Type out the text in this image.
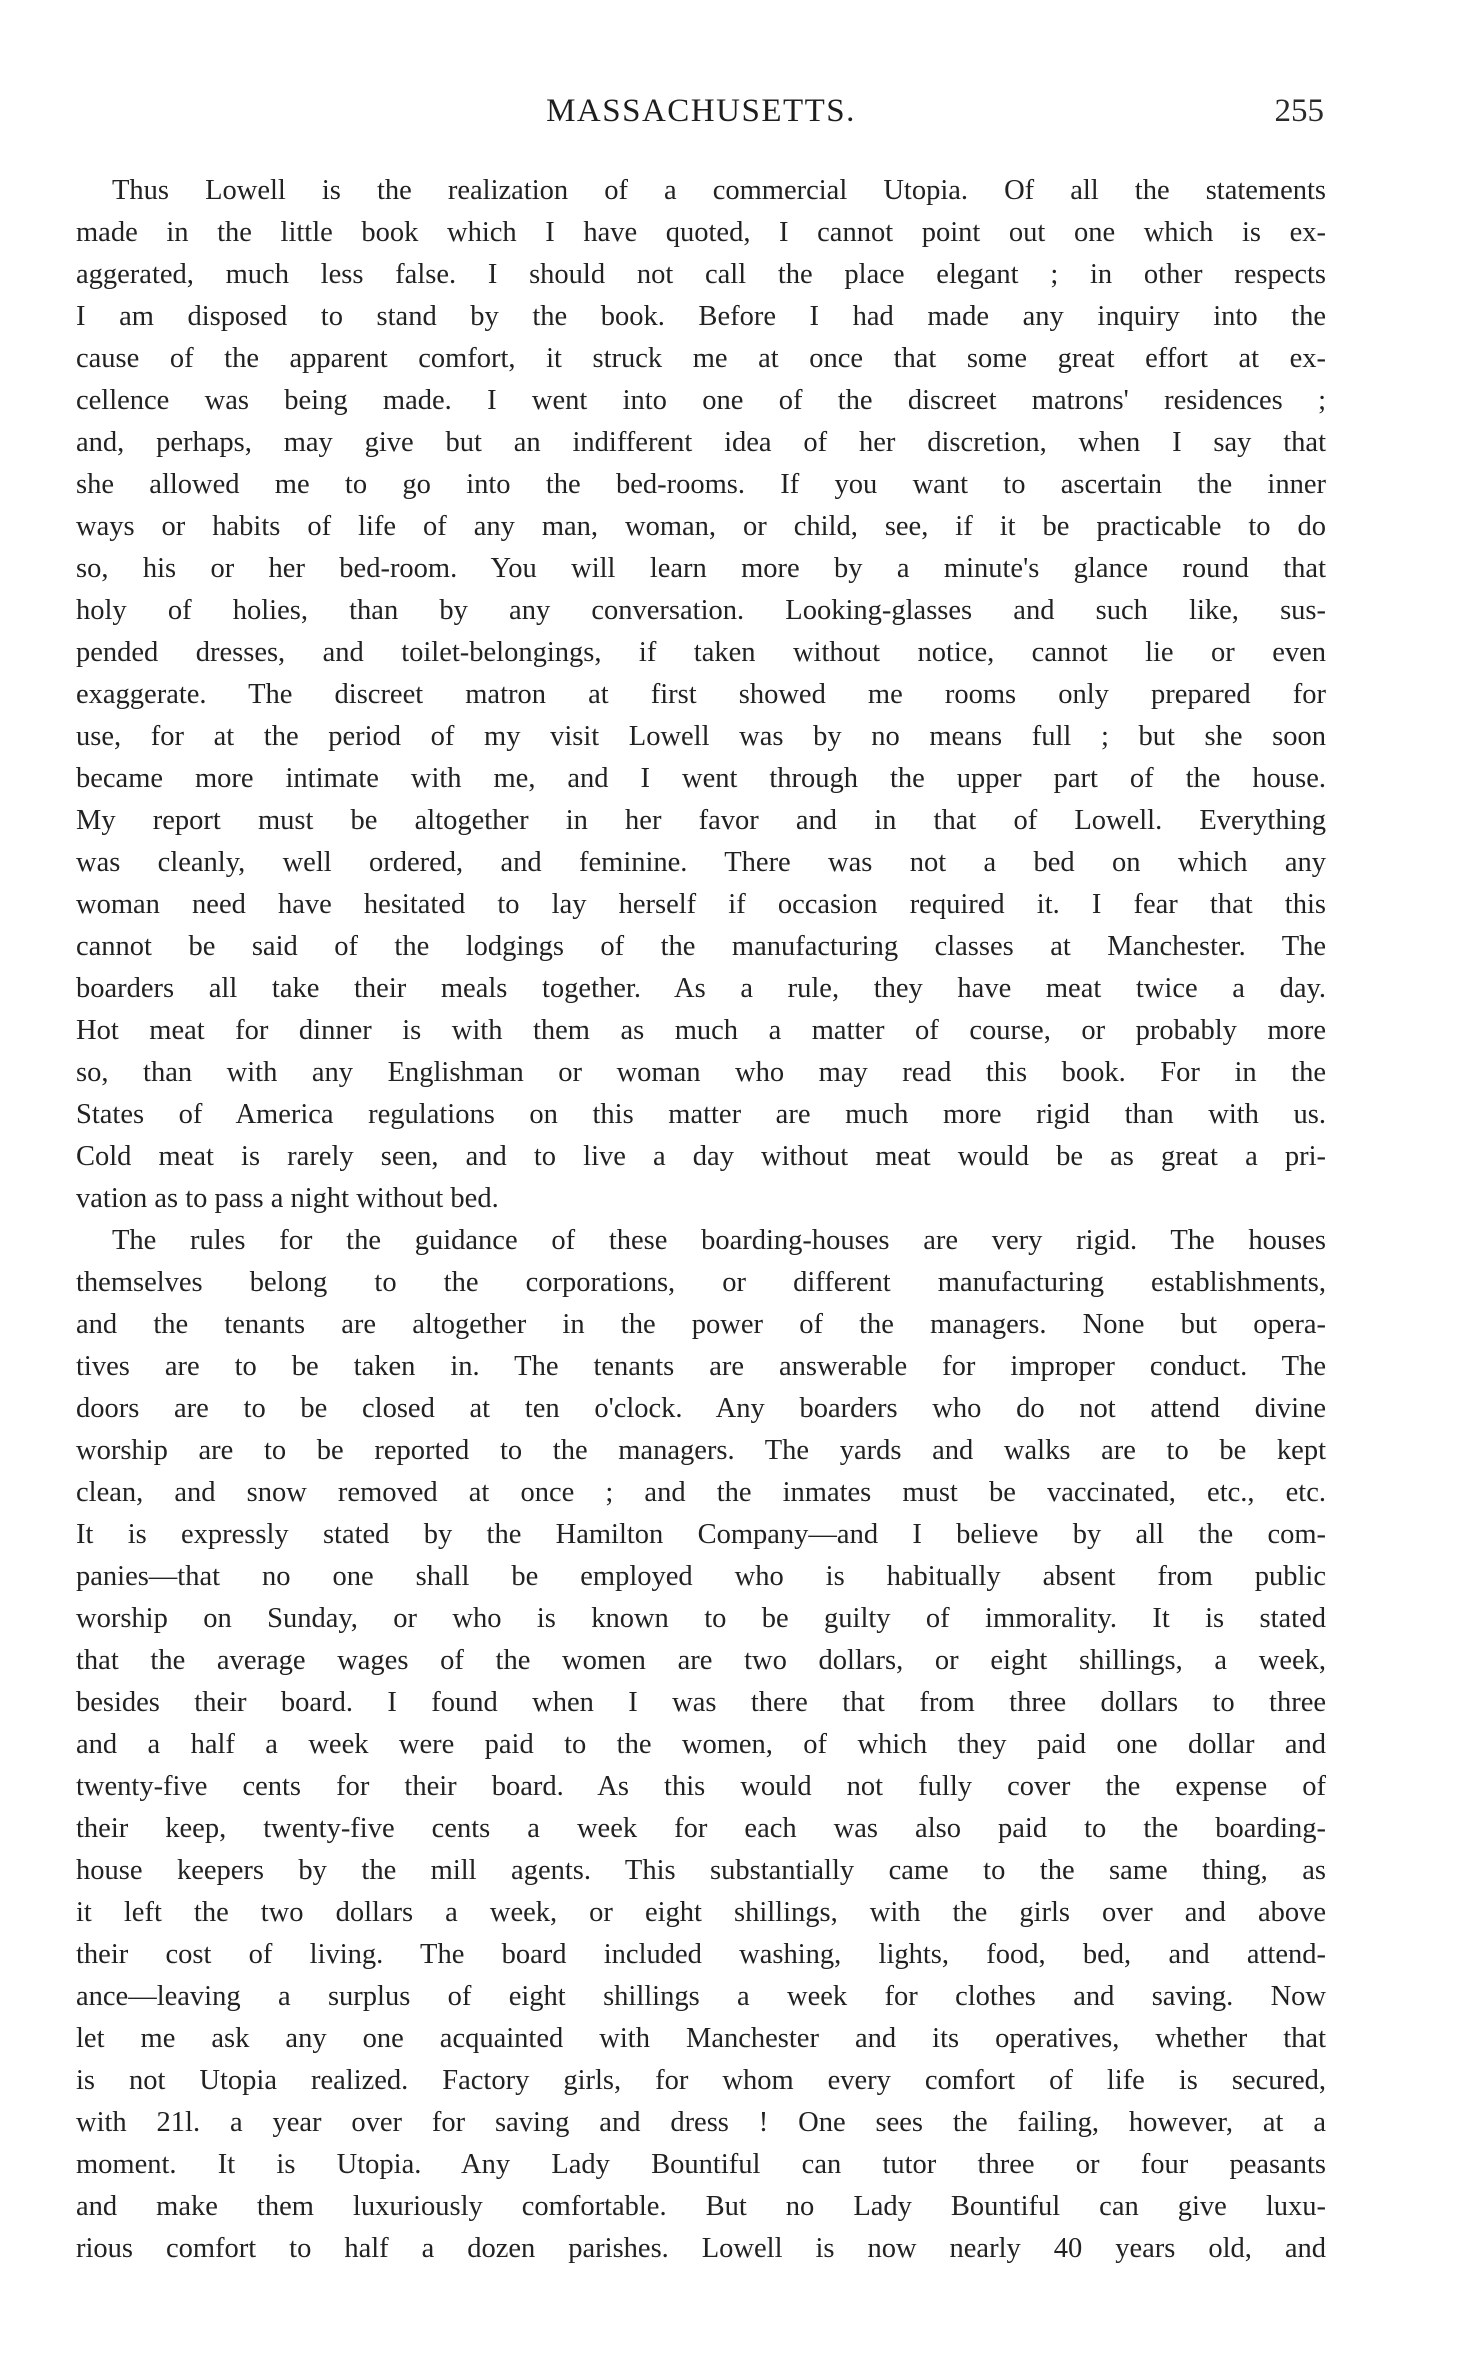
MASSACHUSETTS.	255
Thus Lowell is the realization of a commercial Utopia. Of all the statements
made in the little book which I have quoted, I cannot point out one which is ex-
aggerated, much less false. I should not call the place elegant ; in other respects
I am disposed to stand by the book. Before I had made any inquiry into the
cause of the apparent comfort, it struck me at once that some great effort at ex-
cellence was being made. I went into one of the discreet matrons' residences ;
and, perhaps, may give but an indifferent idea of her discretion, when I say that
she allowed me to go into the bed-rooms. If you want to ascertain the inner
ways or habits of life of any man, woman, or child, see, if it be practicable to do
so, his or her bed-room. You will learn more by a minute's glance round that
holy of holies, than by any conversation. Looking-glasses and such like, sus-
pended dresses, and toilet-belongings, if taken without notice, cannot lie or even
exaggerate. The discreet matron at first showed me rooms only prepared for
use, for at the period of my visit Lowell was by no means full ; but she soon
became more intimate with me, and I went through the upper part of the house.
My report must be altogether in her favor and in that of Lowell. Everything
was cleanly, well ordered, and feminine. There was not a bed on which any
woman need have hesitated to lay herself if occasion required it. I fear that this
cannot be said of the lodgings of the manufacturing classes at Manchester. The
boarders all take their meals together. As a rule, they have meat twice a day.
Hot meat for dinner is with them as much a matter of course, or probably more
so, than with any Englishman or woman who may read this book. For in the
States of America regulations on this matter are much more rigid than with us.
Cold meat is rarely seen, and to live a day without meat would be as great a pri-
vation as to pass a night without bed.
The rules for the guidance of these boarding-houses are very rigid. The houses
themselves belong to the corporations, or different manufacturing establishments,
and the tenants are altogether in the power of the managers. None but opera-
tives are to be taken in. The tenants are answerable for improper conduct. The
doors are to be closed at ten o'clock. Any boarders who do not attend divine
worship are to be reported to the managers. The yards and walks are to be kept
clean, and snow removed at once ; and the inmates must be vaccinated, etc., etc.
It is expressly stated by the Hamilton Company—and I believe by all the com-
panies—that no one shall be employed who is habitually absent from public
worship on Sunday, or who is known to be guilty of immorality. It is stated
that the average wages of the women are two dollars, or eight shillings, a week,
besides their board. I found when I was there that from three dollars to three
and a half a week were paid to the women, of which they paid one dollar and
twenty-five cents for their board. As this would not fully cover the expense of
their keep, twenty-five cents a week for each was also paid to the boarding-
house keepers by the mill agents. This substantially came to the same thing, as
it left the two dollars a week, or eight shillings, with the girls over and above
their cost of living. The board included washing, lights, food, bed, and attend-
ance—leaving a surplus of eight shillings a week for clothes and saving. Now
let me ask any one acquainted with Manchester and its operatives, whether that
is not Utopia realized. Factory girls, for whom every comfort of life is secured,
with 21l. a year over for saving and dress ! One sees the failing, however, at a
moment. It is Utopia. Any Lady Bountiful can tutor three or four peasants
and make them luxuriously comfortable. But no Lady Bountiful can give luxu-
rious comfort to half a dozen parishes. Lowell is now nearly 40 years old, and
